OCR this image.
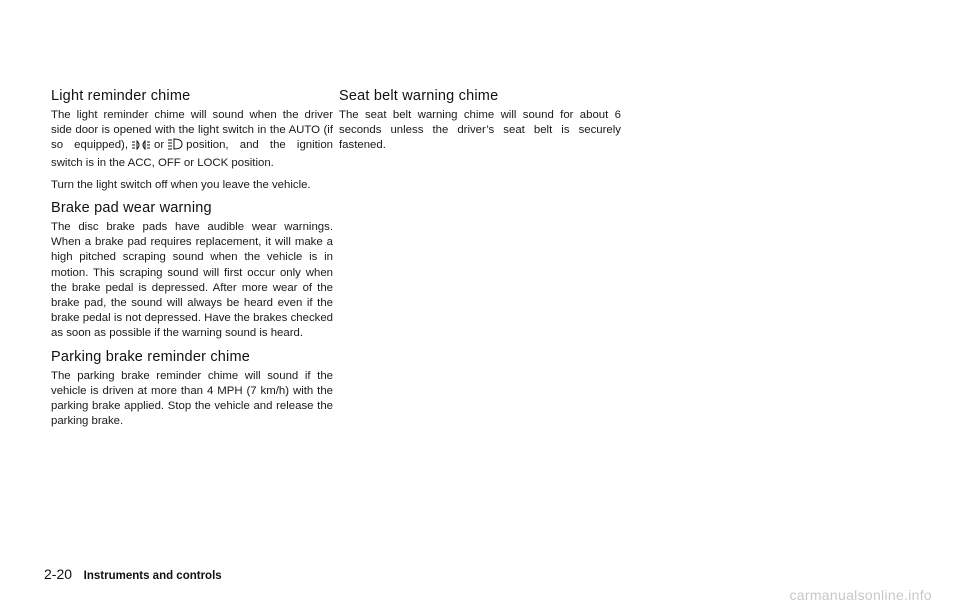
Light reminder chime

The light reminder chime will sound when the driver side door is opened with the light switch in the AUTO (if so equipped), or position, and the ignition switch is in the ACC, OFF or LOCK position.

Turn the light switch off when you leave the vehicle.

Brake pad wear warning

The disc brake pads have audible wear warnings. When a brake pad requires replacement, it will make a high pitched scraping sound when the vehicle is in motion. This scraping sound will first occur only when the brake pedal is depressed. After more wear of the brake pad, the sound will always be heard even if the brake pedal is not depressed. Have the brakes checked as soon as possible if the warning sound is heard.

Parking brake reminder chime

The parking brake reminder chime will sound if the vehicle is driven at more than 4 MPH (7 km/h) with the parking brake applied. Stop the vehicle and release the parking brake.

Seat belt warning chime

The seat belt warning chime will sound for about 6 seconds unless the driver’s seat belt is securely fastened.

2-20 Instruments and controls
carmanualsonline.info
